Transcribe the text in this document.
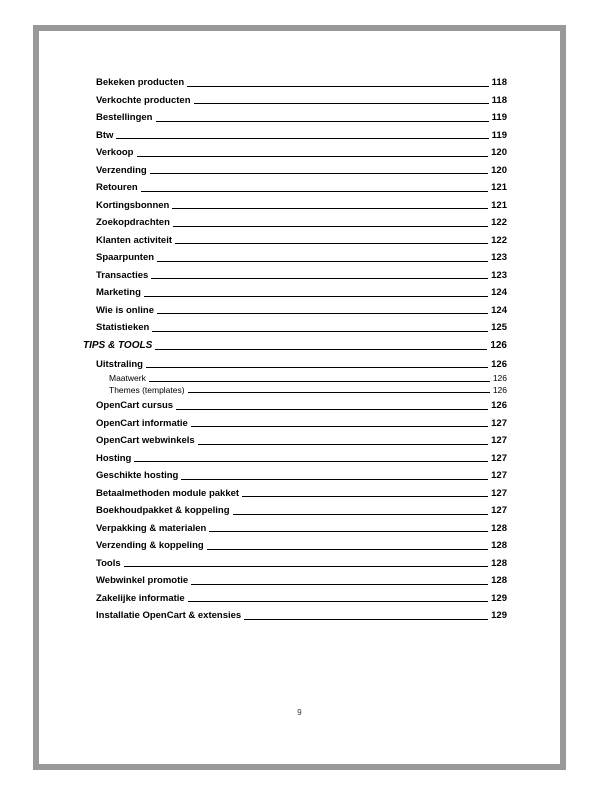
Bekeken producten	118
Verkochte producten	118
Bestellingen	119
Btw	119
Verkoop	120
Verzending	120
Retouren	121
Kortingsbonnen	121
Zoekopdrachten	122
Klanten activiteit	122
Spaarpunten	123
Transacties	123
Marketing	124
Wie is online	124
Statistieken	125
TIPS & TOOLS	126
Uitstraling	126
Maatwerk	126
Themes (templates)	126
OpenCart cursus	126
OpenCart informatie	127
OpenCart webwinkels	127
Hosting	127
Geschikte hosting	127
Betaalmethoden module pakket	127
Boekhoudpakket & koppeling	127
Verpakking & materialen	128
Verzending & koppeling	128
Tools	128
Webwinkel promotie	128
Zakelijke informatie	129
Installatie OpenCart & extensies	129
9
